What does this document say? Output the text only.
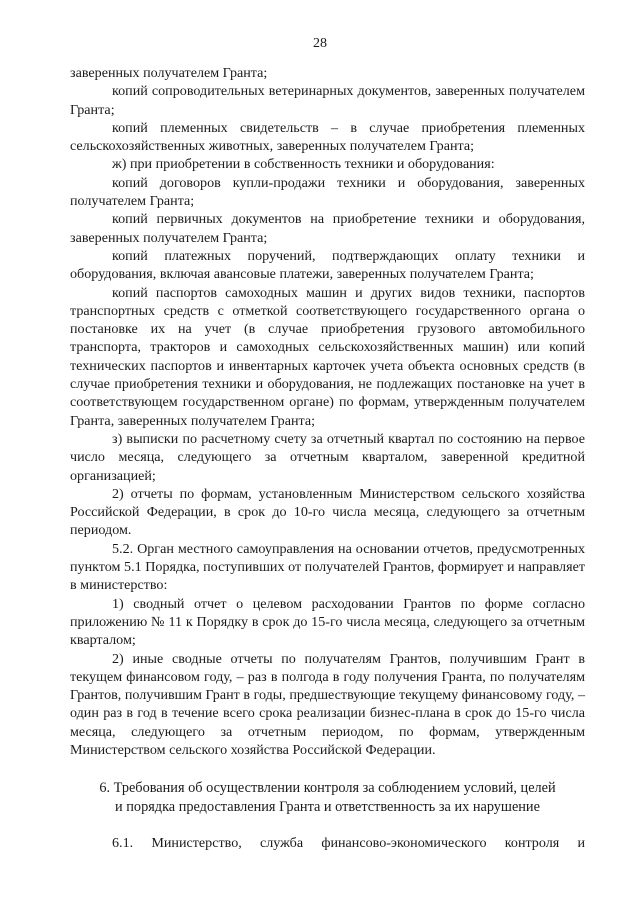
28

заверенных получателем Гранта;

копий сопроводительных ветеринарных документов, заверенных получателем Гранта;

копий племенных свидетельств – в случае приобретения племенных сельскохозяйственных животных, заверенных получателем Гранта;

ж) при приобретении в собственность техники и оборудования:

копий договоров купли-продажи техники и оборудования, заверенных получателем Гранта;

копий первичных документов на приобретение техники и оборудования, заверенных получателем Гранта;

копий платежных поручений, подтверждающих оплату техники и оборудования, включая авансовые платежи, заверенных получателем Гранта;

копий паспортов самоходных машин и других видов техники, паспортов транспортных средств с отметкой соответствующего государственного органа о постановке их на учет (в случае приобретения грузового автомобильного транспорта, тракторов и самоходных сельскохозяйственных машин) или копий технических паспортов и инвентарных карточек учета объекта основных средств (в случае приобретения техники и оборудования, не подлежащих постановке на учет в соответствующем государственном органе) по формам, утвержденным получателем Гранта, заверенных получателем Гранта;

з) выписки по расчетному счету за отчетный квартал по состоянию на первое число месяца, следующего за отчетным кварталом, заверенной кредитной организацией;

2) отчеты по формам, установленным Министерством сельского хозяйства Российской Федерации, в срок до 10-го числа месяца, следующего за отчетным периодом.

5.2. Орган местного самоуправления на основании отчетов, предусмотренных пунктом 5.1 Порядка, поступивших от получателей Грантов, формирует и направляет в министерство:

1) сводный отчет о целевом расходовании Грантов по форме согласно приложению № 11 к Порядку в срок до 15-го числа месяца, следующего за отчетным кварталом;

2) иные сводные отчеты по получателям Грантов, получившим Грант в текущем финансовом году, – раз в полгода в году получения Гранта, по получателям Грантов, получившим Грант в годы, предшествующие текущему финансовому году, – один раз в год в течение всего срока реализации бизнес-плана в срок до 15-го числа месяца, следующего за отчетным периодом, по формам, утвержденным Министерством сельского хозяйства Российской Федерации.

6. Требования об осуществлении контроля за соблюдением условий, целей
и порядка предоставления Гранта и ответственность за их нарушение

6.1. Министерство, служба финансово-экономического контроля и
